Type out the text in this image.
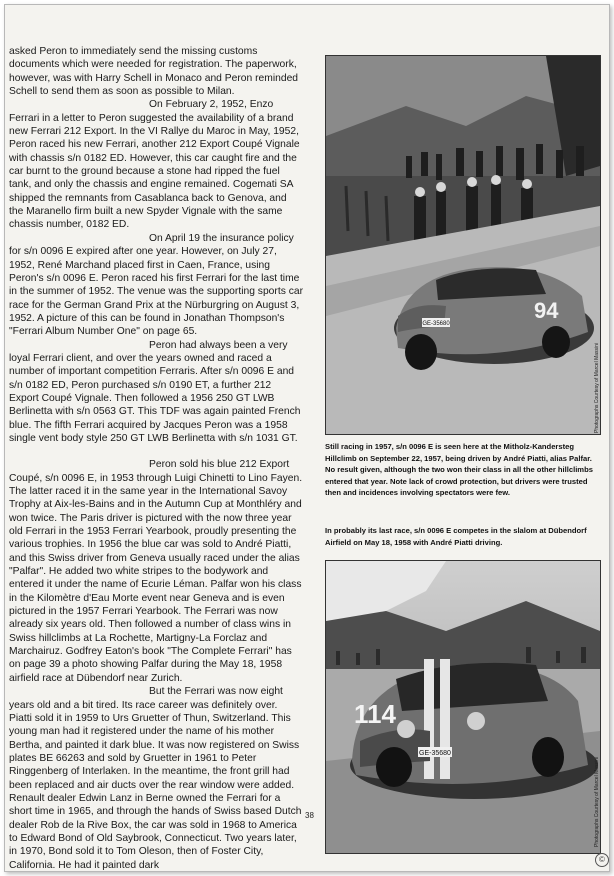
asked Peron to immediately send the missing customs documents which were needed for registration. The paperwork, however, was with Harry Schell in Monaco and Peron reminded Schell to send them as soon as possible to Milan.

On February 2, 1952, Enzo Ferrari in a letter to Peron suggested the availability of a brand new Ferrari 212 Export. In the VI Rallye du Maroc in May, 1952, Peron raced his new Ferrari, another 212 Export Coupé Vignale with chassis s/n 0182 ED. However, this car caught fire and the car burnt to the ground because a stone had ripped the fuel tank, and only the chassis and engine remained. Cogemati SA shipped the remnants from Casablanca back to Genova, and the Maranello firm built a new Spyder Vignale with the same chassis number, 0182 ED.

On April 19 the insurance policy for s/n 0096 E expired after one year. However, on July 27, 1952, René Marchand placed first in Caen, France, using Peron's s/n 0096 E. Peron raced his first Ferrari for the last time in the summer of 1952. The venue was the supporting sports car race for the German Grand Prix at the Nürburgring on August 3, 1952. A picture of this can be found in Jonathan Thompson's "Ferrari Album Number One" on page 65.

Peron had always been a very loyal Ferrari client, and over the years owned and raced a number of important competition Ferraris. After s/n 0096 E and s/n 0182 ED, Peron purchased s/n 0190 ET, a further 212 Export Coupé Vignale. Then followed a 1956 250 GT LWB Berlinetta with s/n 0563 GT. This TDF was again painted French blue. The fifth Ferrari acquired by Jacques Peron was a 1958 single vent body style 250 GT LWB Berlinetta with s/n 1031 GT.

Peron sold his blue 212 Export Coupé, s/n 0096 E, in 1953 through Luigi Chinetti to Lino Fayen. The latter raced it in the same year in the International Savoy Trophy at Aix-les-Bains and in the Autumn Cup at Monthléry and won twice. The Paris driver is pictured with the now three year old Ferrari in the 1953 Ferrari Yearbook, proudly presenting the various trophies. In 1956 the blue car was sold to André Piatti, and this Swiss driver from Geneva usually raced under the alias "Palfar". He added two white stripes to the bodywork and entered it under the name of Ecurie Léman. Palfar won his class in the Kilomètre d'Eau Morte event near Geneva and is even pictured in the 1957 Ferrari Yearbook. The Ferrari was now already six years old. Then followed a number of class wins in Swiss hillclimbs at La Rochette, Martigny-La Forclaz and Marchairuz. Godfrey Eaton's book "The Complete Ferrari" has on page 39 a photo showing Palfar during the May 18, 1958 airfield race at Dübendorf near Zurich.

But the Ferrari was now eight years old and a bit tired. Its race career was definitely over. Piatti sold it in 1959 to Urs Gruetter of Thun, Switzerland. This young man had it registered under the name of his mother Bertha, and painted it dark blue. It was now registered on Swiss plates BE 66263 and sold by Gruetter in 1961 to Peter Ringgenberg of Interlaken. In the meantime, the front grill had been replaced and air ducts over the rear window were added. Renault dealer Edwin Lanz in Berne owned the Ferrari for a short time in 1965, and through the hands of Swiss based Dutch dealer Rob de la Rive Box, the car was sold in 1968 to America to Edward Bond of Old Saybrook, Connecticut. Two years later, in 1970, Bond sold it to Tom Oleson, then of Foster City, California. He had it painted dark

GE-35680
94
Photographs Courtesy of Marcel Massini
Still racing in 1957, s/n 0096 E is seen here at the Mitholz-Kandersteg Hillclimb on September 22, 1957, being driven by André Piatti, alias Palfar. No result given, although the two won their class in all the other hillclimbs entered that year. Note lack of crowd protection, but drivers were trusted then and incidences involving spectators were few.
In probably its last race, s/n 0096 E competes in the slalom at Dübendorf Airfield on May 18, 1958 with André Piatti driving.
GE-35680
114
Photographs Courtesy of Marcel Massini
38
©
